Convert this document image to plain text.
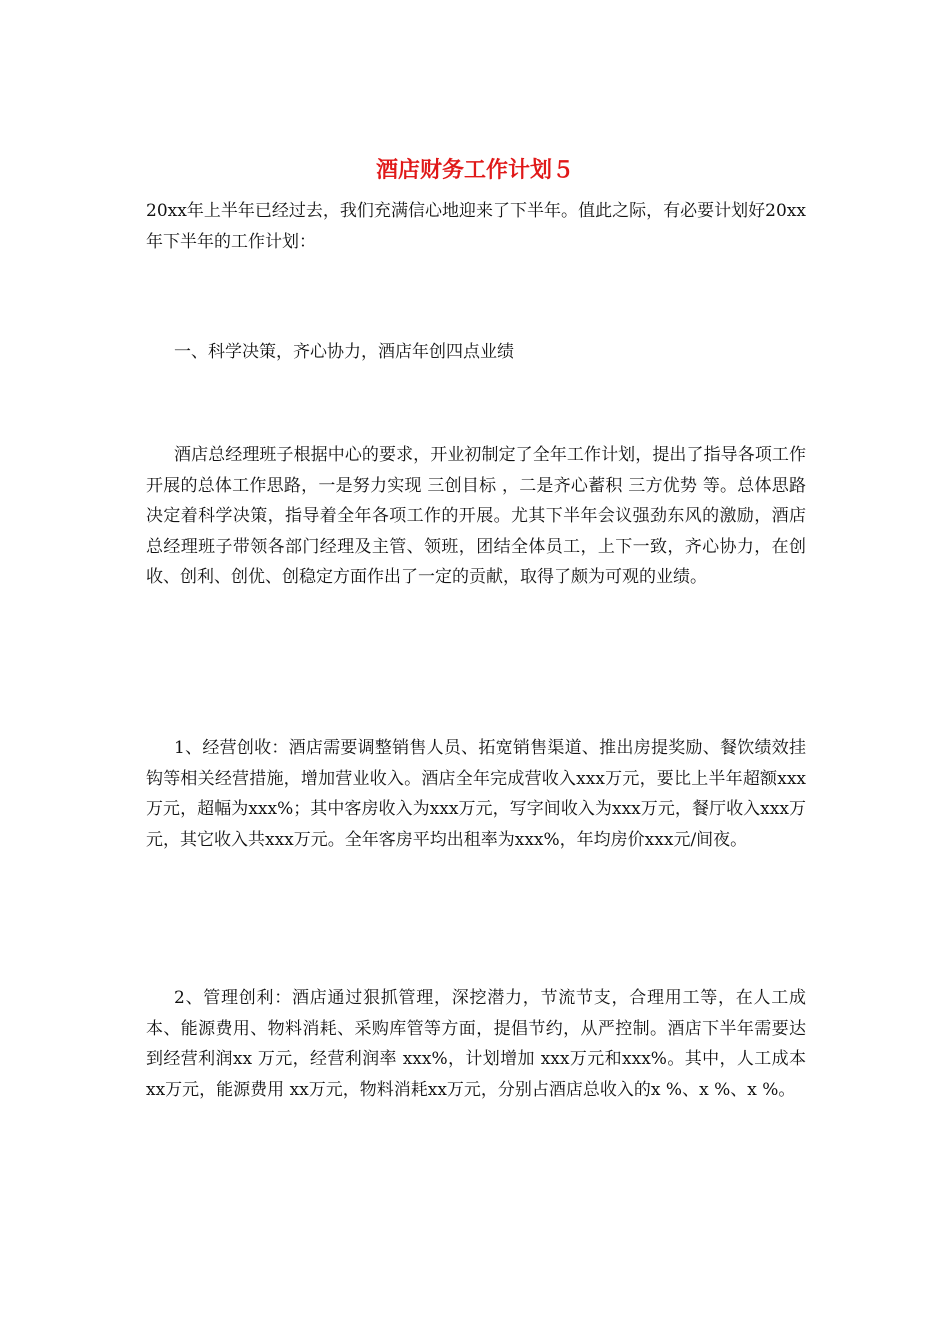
酒店财务工作计划５

20xx年上半年已经过去，我们充满信心地迎来了下半年。值此之际，有必要计划好20xx年下半年的工作计划：

一、科学决策，齐心协力，酒店年创四点业绩

酒店总经理班子根据中心的要求，开业初制定了全年工作计划，提出了指导各项工作开展的总体工作思路，一是努力实现 三创目标 ，二是齐心蓄积 三方优势 等。总体思路决定着科学决策，指导着全年各项工作的开展。尤其下半年会议强劲东风的激励，酒店总经理班子带领各部门经理及主管、领班，团结全体员工，上下一致，齐心协力，在创收、创利、创优、创稳定方面作出了一定的贡献，取得了颇为可观的业绩。

1、经营创收：酒店需要调整销售人员、拓宽销售渠道、推出房提奖励、餐饮绩效挂钩等相关经营措施，增加营业收入。酒店全年完成营收入xxx万元，要比上半年超额xxx万元，超幅为xxx%；其中客房收入为xxx万元，写字间收入为xxx万元，餐厅收入xxx万元，其它收入共xxx万元。全年客房平均出租率为xxx%，年均房价xxx元/间夜。

2、管理创利：酒店通过狠抓管理，深挖潜力，节流节支，合理用工等，在人工成本、能源费用、物料消耗、采购库管等方面，提倡节约，从严控制。酒店下半年需要达到经营利润xx 万元，经营利润率 xxx%，计划增加 xxx万元和xxx%。其中，人工成本 xx万元，能源费用 xx万元，物料消耗xx万元，分别占酒店总收入的x %、x %、x %。
